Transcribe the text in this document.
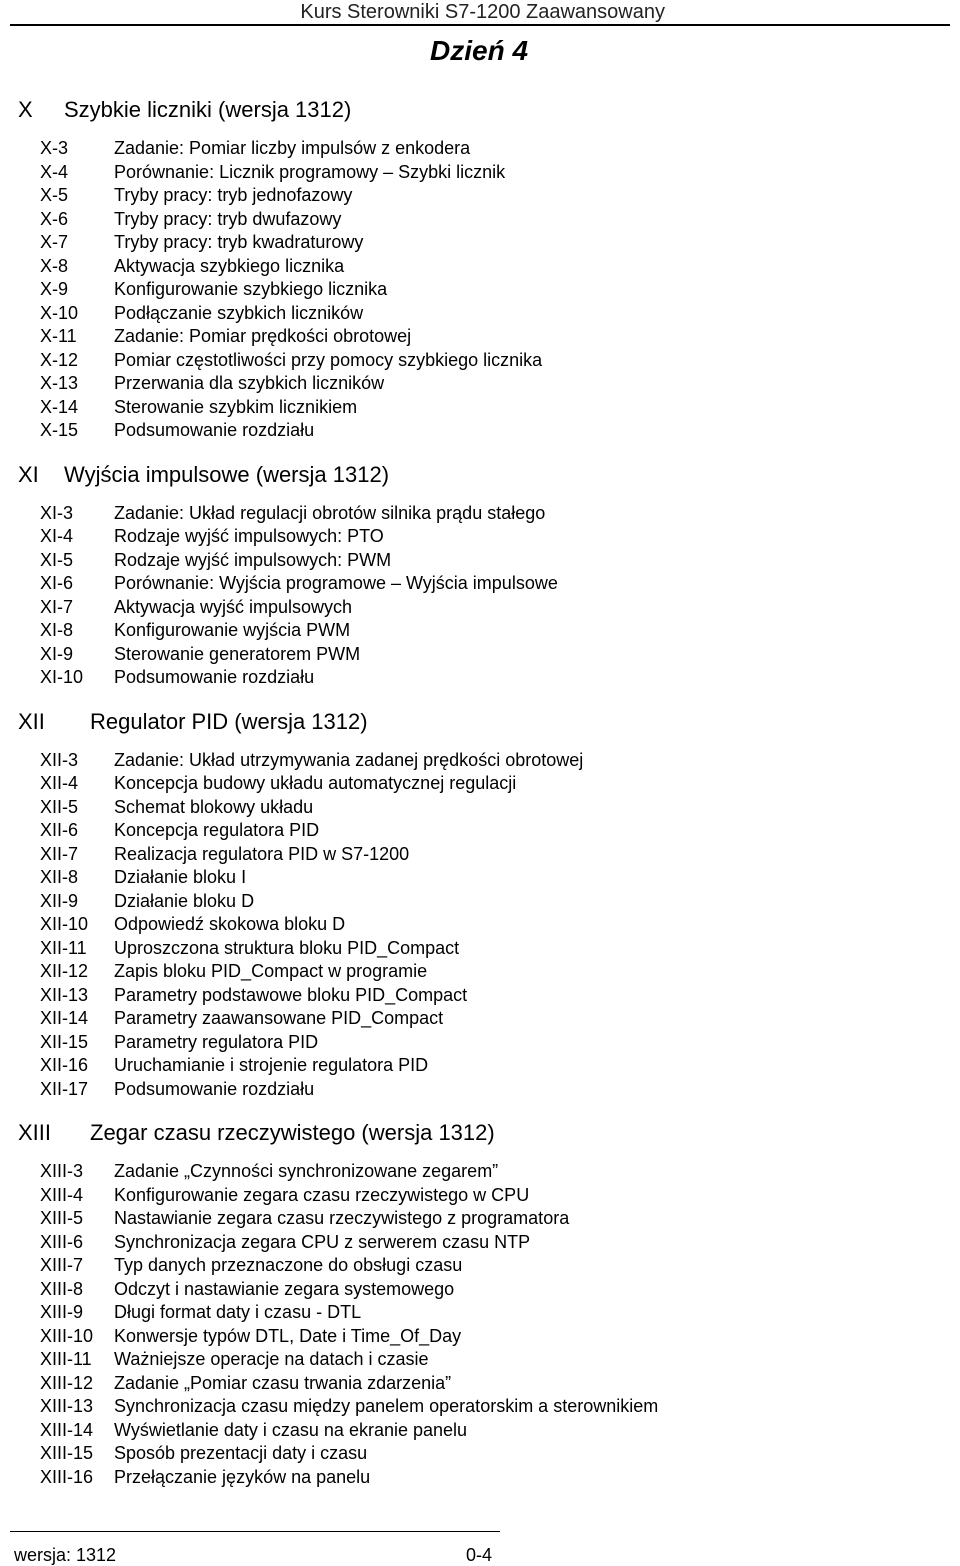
Kurs Sterowniki S7-1200 Zaawansowany
Dzień 4
X Szybkie liczniki (wersja 1312)
X-3	Zadanie: Pomiar liczby impulsów z enkodera
X-4	Porównanie: Licznik programowy – Szybki licznik
X-5	Tryby pracy: tryb jednofazowy
X-6	Tryby pracy: tryb dwufazowy
X-7	Tryby pracy: tryb kwadraturowy
X-8	Aktywacja szybkiego licznika
X-9	Konfigurowanie szybkiego licznika
X-10 Podłączanie szybkich liczników
X-11 Zadanie: Pomiar prędkości obrotowej
X-12 Pomiar częstotliwości przy pomocy szybkiego licznika
X-13 Przerwania dla szybkich liczników
X-14 Sterowanie szybkim licznikiem
X-15 Podsumowanie rozdziału
XI Wyjścia impulsowe (wersja 1312)
XI-3 Zadanie: Układ regulacji obrotów silnika prądu stałego
XI-4 Rodzaje wyjść impulsowych: PTO
XI-5 Rodzaje wyjść impulsowych: PWM
XI-6 Porównanie: Wyjścia programowe – Wyjścia impulsowe
XI-7 Aktywacja wyjść impulsowych
XI-8 Konfigurowanie wyjścia PWM
XI-9 Sterowanie generatorem PWM
XI-10 Podsumowanie rozdziału
XII Regulator PID (wersja 1312)
XII-3 Zadanie: Układ utrzymywania zadanej prędkości obrotowej
XII-4 Koncepcja budowy układu automatycznej regulacji
XII-5 Schemat blokowy układu
XII-6 Koncepcja regulatora PID
XII-7 Realizacja regulatora PID w S7-1200
XII-8 Działanie bloku I
XII-9 Działanie bloku D
XII-10 Odpowiedź skokowa bloku D
XII-11 Uproszczona struktura bloku PID_Compact
XII-12 Zapis bloku PID_Compact w programie
XII-13 Parametry podstawowe bloku PID_Compact
XII-14 Parametry zaawansowane PID_Compact
XII-15 Parametry regulatora PID
XII-16 Uruchamianie i strojenie regulatora PID
XII-17 Podsumowanie rozdziału
XIII Zegar czasu rzeczywistego (wersja 1312)
XIII-3 Zadanie „Czynności synchronizowane zegarem”
XIII-4 Konfigurowanie zegara czasu rzeczywistego w CPU
XIII-5 Nastawianie zegara czasu rzeczywistego z programatora
XIII-6 Synchronizacja zegara CPU z serwerem czasu NTP
XIII-7 Typ danych przeznaczone do obsługi czasu
XIII-8 Odczyt i nastawianie zegara systemowego
XIII-9 Długi format daty i czasu - DTL
XIII-10 Konwersje typów DTL, Date i Time_Of_Day
XIII-11 Ważniejsze operacje na datach i czasie
XIII-12 Zadanie „Pomiar czasu trwania zdarzenia”
XIII-13 Synchronizacja czasu między panelem operatorskim a sterownikiem
XIII-14 Wyświetlanie daty i czasu na ekranie panelu
XIII-15 Sposób prezentacji daty i czasu
XIII-16 Przełączanie języków na panelu
wersja: 1312	0-4
